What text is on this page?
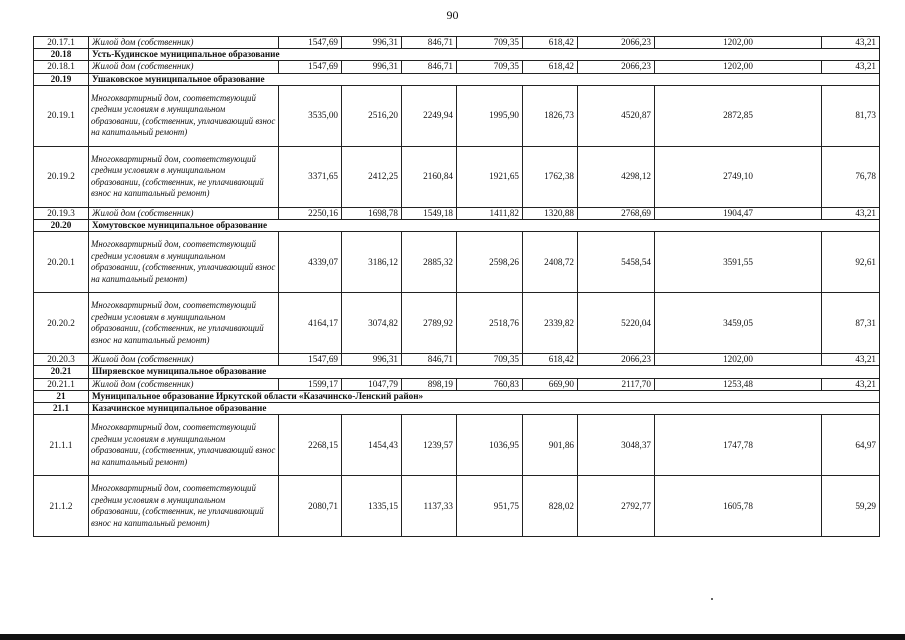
90
20.17.1	Жилой дом (собственник)	1547,69	996,31	846,71	709,35	618,42	2066,23	1202,00	43,21
20.18	Усть-Кудинское муниципальное образование								
20.18.1	Жилой дом (собственник)	1547,69	996,31	846,71	709,35	618,42	2066,23	1202,00	43,21
20.19	Ушаковское муниципальное образование								
20.19.1	Многоквартирный дом, соответствующий средним условиям в муниципальном образовании, (собственник, уплачивающий взнос на капитальный ремонт)	3535,00	2516,20	2249,94	1995,90	1826,73	4520,87	2872,85	81,73
20.19.2	Многоквартирный дом, соответствующий средним условиям в муниципальном образовании, (собственник, не уплачивающий взнос на капитальный ремонт)	3371,65	2412,25	2160,84	1921,65	1762,38	4298,12	2749,10	76,78
20.19.3	Жилой дом (собственник)	2250,16	1698,78	1549,18	1411,82	1320,88	2768,69	1904,47	43,21
20.20	Хомутовское муниципальное образование								
20.20.1	Многоквартирный дом, соответствующий средним условиям в муниципальном образовании, (собственник, уплачивающий взнос на капитальный ремонт)	4339,07	3186,12	2885,32	2598,26	2408,72	5458,54	3591,55	92,61
20.20.2	Многоквартирный дом, соответствующий средним условиям в муниципальном образовании, (собственник, не уплачивающий взнос на капитальный ремонт)	4164,17	3074,82	2789,92	2518,76	2339,82	5220,04	3459,05	87,31
20.20.3	Жилой дом (собственник)	1547,69	996,31	846,71	709,35	618,42	2066,23	1202,00	43,21
20.21	Ширяевское муниципальное образование								
20.21.1	Жилой дом (собственник)	1599,17	1047,79	898,19	760,83	669,90	2117,70	1253,48	43,21
21	Муниципальное образование Иркутской области «Казачинско-Ленский район»								
21.1	Казачинское муниципальное образование								
21.1.1	Многоквартирный дом, соответствующий средним условиям в муниципальном образовании, (собственник, уплачивающий взнос на капитальный ремонт)	2268,15	1454,43	1239,57	1036,95	901,86	3048,37	1747,78	64,97
21.1.2	Многоквартирный дом, соответствующий средним условиям в муниципальном образовании, (собственник, не уплачивающий взнос на капитальный ремонт)	2080,71	1335,15	1137,33	951,75	828,02	2792,77	1605,78	59,29
